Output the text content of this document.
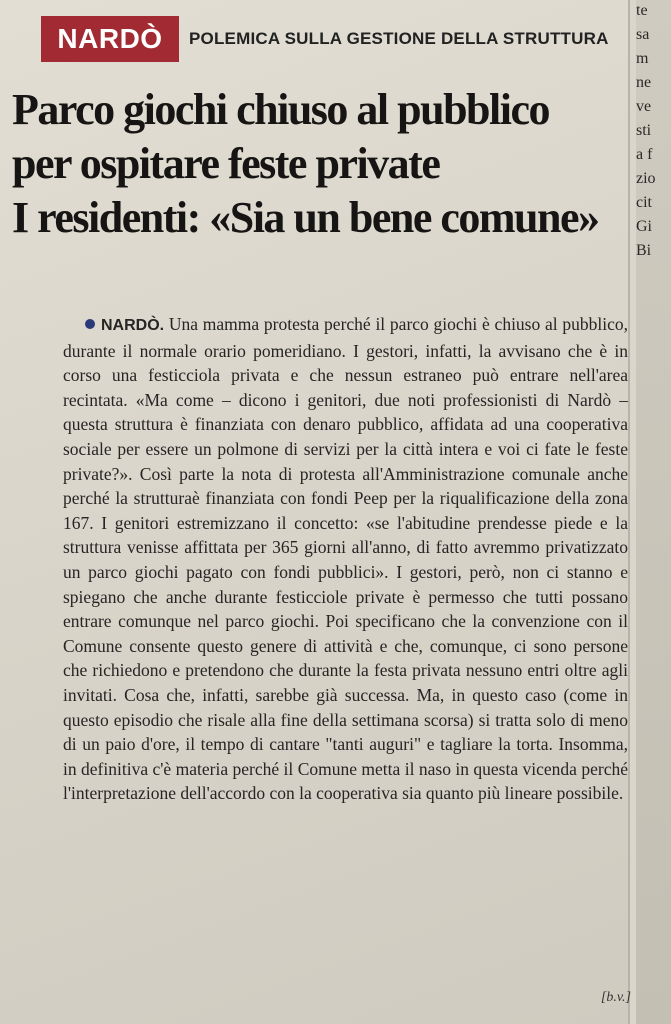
te
sa
m
ne
ve
sti
a f
zio
cit
Gi
Bi
NARDÒ	POLEMICA SULLA GESTIONE DELLA STRUTTURA
Parco giochi chiuso al pubblico
per ospitare feste private
I residenti: «Sia un bene comune»

NARDÒ. Una mamma protesta perché il parco giochi è chiuso al pubblico, durante il normale orario pomeridiano. I gestori, infatti, la avvisano che è in corso una festicciola privata e che nessun estraneo può entrare nell'area recintata. «Ma come – dicono i genitori, due noti professionisti di Nardò – questa struttura è finanziata con denaro pubblico, affidata ad una cooperativa sociale per essere un polmone di servizi per la città intera e voi ci fate le feste private?». Così parte la nota di protesta all'Amministrazione comunale anche perché la strutturaè finanziata con fondi Peep per la riqualificazione della zona 167. I genitori estremizzano il concetto: «se l'abitudine prendesse piede e la struttura venisse affittata per 365 giorni all'anno, di fatto avremmo privatizzato un parco giochi pagato con fondi pubblici». I gestori, però, non ci stanno e spiegano che anche durante festicciole private è permesso che tutti possano entrare comunque nel parco giochi. Poi specificano che la convenzione con il Comune consente questo genere di attività e che, comunque, ci sono persone che richiedono e pretendono che durante la festa privata nessuno entri oltre agli invitati. Cosa che, infatti, sarebbe già successa. Ma, in questo caso (come in questo episodio che risale alla fine della settimana scorsa) si tratta solo di meno di un paio d'ore, il tempo di cantare "tanti auguri" e tagliare la torta. Insomma, in definitiva c'è materia perché il Comune metta il naso in questa vicenda perché l'interpretazione dell'accordo con la cooperativa sia quanto più lineare possibile.

[b.v.]
